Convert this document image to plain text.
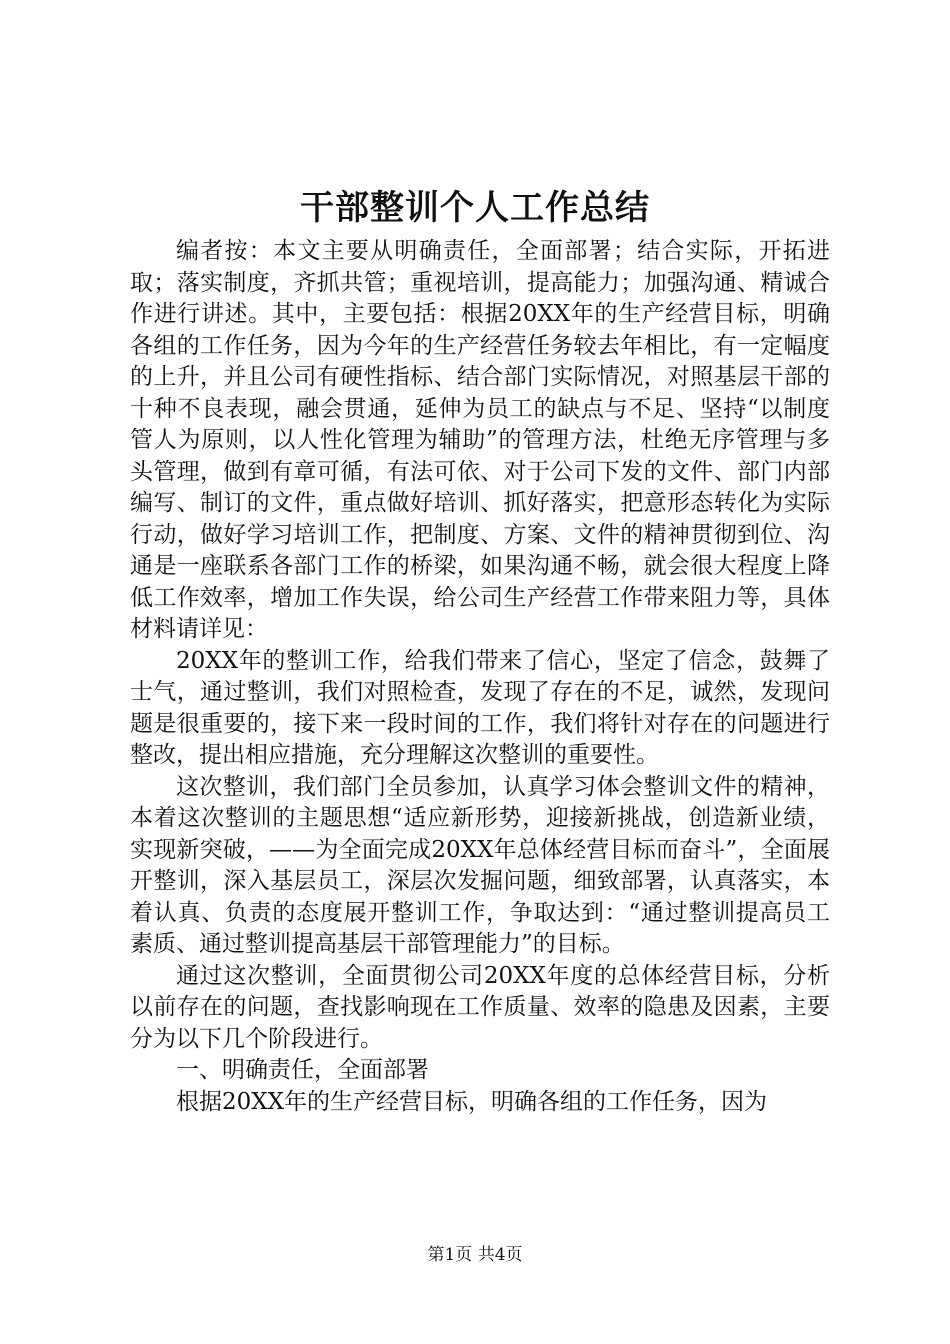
干部整训个人工作总结

编者按：本文主要从明确责任，全面部署；结合实际，开拓进取；落实制度，齐抓共管；重视培训，提高能力；加强沟通、精诚合作进行讲述。其中，主要包括：根据20XX年的生产经营目标，明确各组的工作任务，因为今年的生产经营任务较去年相比，有一定幅度的上升，并且公司有硬性指标、结合部门实际情况，对照基层干部的十种不良表现，融会贯通，延伸为员工的缺点与不足、坚持“以制度管人为原则，以人性化管理为辅助”的管理方法，杜绝无序管理与多头管理，做到有章可循，有法可依、对于公司下发的文件、部门内部编写、制订的文件，重点做好培训、抓好落实，把意形态转化为实际行动，做好学习培训工作，把制度、方案、文件的精神贯彻到位、沟通是一座联系各部门工作的桥梁，如果沟通不畅，就会很大程度上降低工作效率，增加工作失误，给公司生产经营工作带来阻力等，具体材料请详见：

20XX年的整训工作，给我们带来了信心，坚定了信念，鼓舞了士气，通过整训，我们对照检查，发现了存在的不足，诚然，发现问题是很重要的，接下来一段时间的工作，我们将针对存在的问题进行整改，提出相应措施，充分理解这次整训的重要性。

这次整训，我们部门全员参加，认真学习体会整训文件的精神，本着这次整训的主题思想“适应新形势，迎接新挑战，创造新业绩，实现新突破，——为全面完成20XX年总体经营目标而奋斗”，全面展开整训，深入基层员工，深层次发掘问题，细致部署，认真落实，本着认真、负责的态度展开整训工作，争取达到：“通过整训提高员工素质、通过整训提高基层干部管理能力”的目标。

通过这次整训，全面贯彻公司20XX年度的总体经营目标，分析以前存在的问题，查找影响现在工作质量、效率的隐患及因素，主要分为以下几个阶段进行。

一、明确责任，全面部署

根据20XX年的生产经营目标，明确各组的工作任务，因为

第1页 共4页
